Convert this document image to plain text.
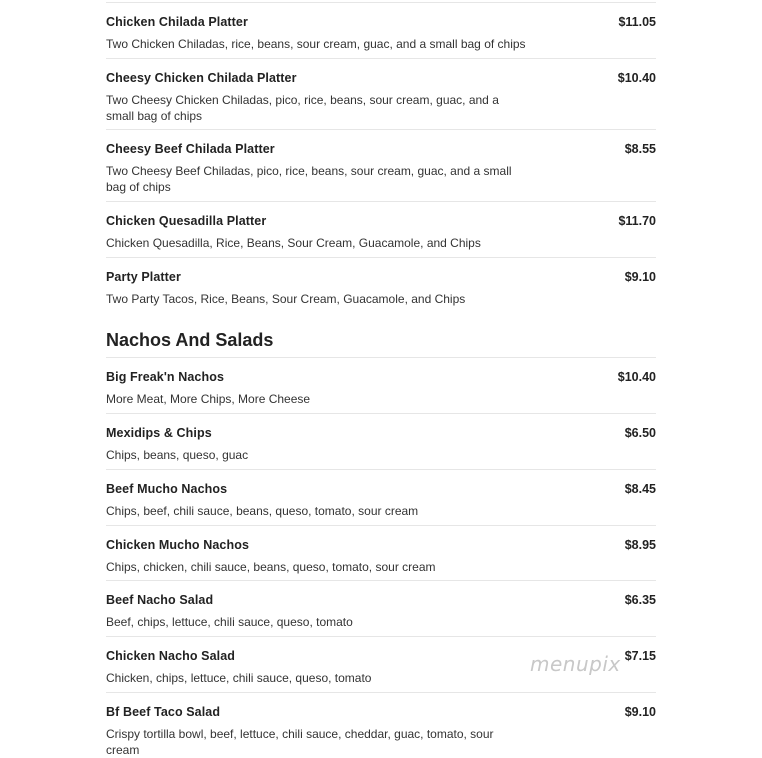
Chicken Chilada Platter	$11.05
Two Chicken Chiladas, rice, beans, sour cream, guac, and a small bag of chips
Cheesy Chicken Chilada Platter	$10.40
Two Cheesy Chicken Chiladas, pico, rice, beans, sour cream, guac, and a small bag of chips
Cheesy Beef Chilada Platter	$8.55
Two Cheesy Beef Chiladas, pico, rice, beans, sour cream, guac, and a small bag of chips
Chicken Quesadilla Platter	$11.70
Chicken Quesadilla, Rice, Beans, Sour Cream, Guacamole, and Chips
Party Platter	$9.10
Two Party Tacos, Rice, Beans, Sour Cream, Guacamole, and Chips
Nachos And Salads
Big Freak'n Nachos	$10.40
More Meat, More Chips, More Cheese
Mexidips & Chips	$6.50
Chips, beans, queso, guac
Beef Mucho Nachos	$8.45
Chips, beef, chili sauce, beans, queso, tomato, sour cream
Chicken Mucho Nachos	$8.95
Chips, chicken, chili sauce, beans, queso, tomato, sour cream
Beef Nacho Salad	$6.35
Beef, chips, lettuce, chili sauce, queso, tomato
Chicken Nacho Salad	$7.15
Chicken, chips, lettuce, chili sauce, queso, tomato
Bf Beef Taco Salad	$9.10
Crispy tortilla bowl, beef, lettuce, chili sauce, cheddar, guac, tomato, sour cream
menupix
